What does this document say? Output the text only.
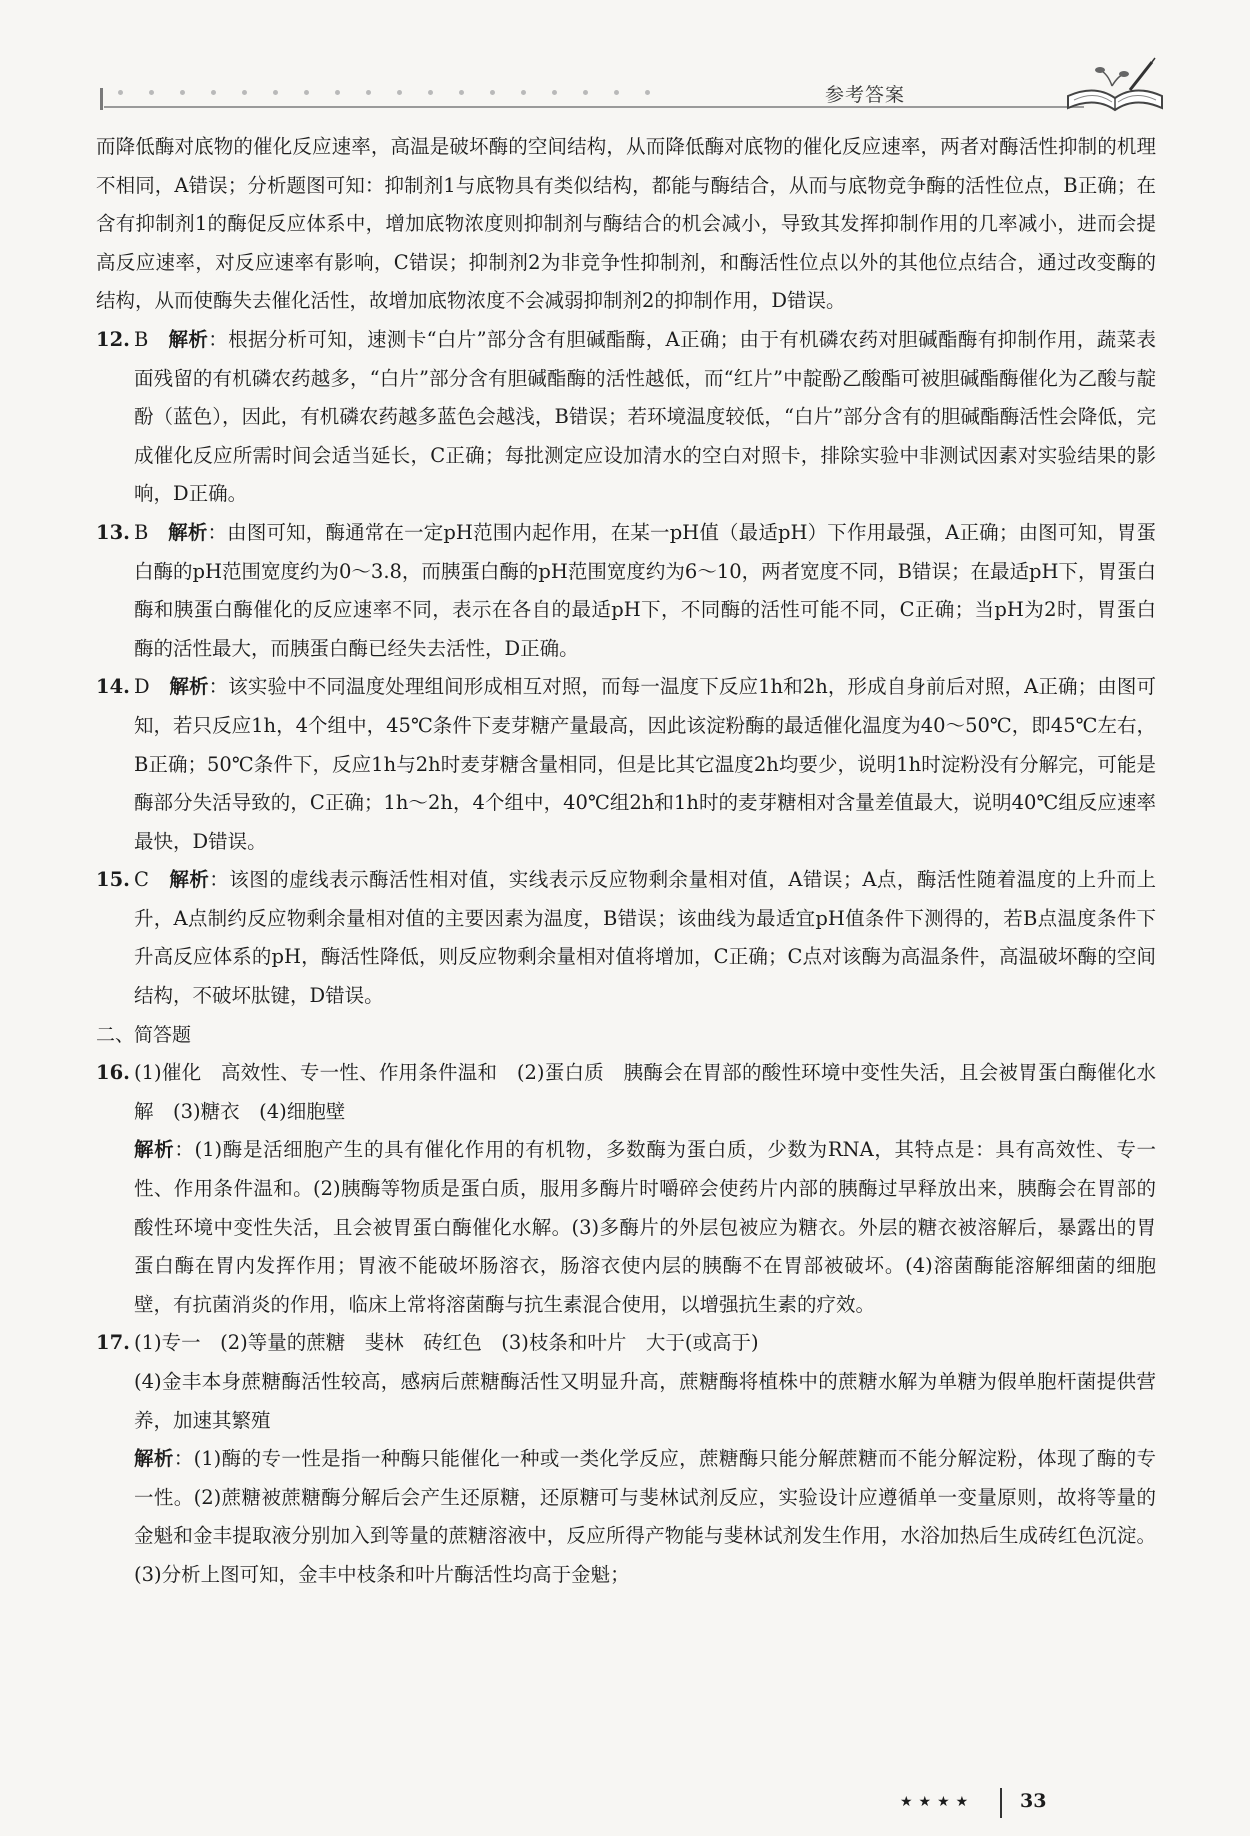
参考答案

而降低酶对底物的催化反应速率，高温是破坏酶的空间结构，从而降低酶对底物的催化反应速率，两者对酶活性抑制的机理不相同，A错误；分析题图可知：抑制剂1与底物具有类似结构，都能与酶结合，从而与底物竞争酶的活性位点，B正确；在含有抑制剂1的酶促反应体系中，增加底物浓度则抑制剂与酶结合的机会减小，导致其发挥抑制作用的几率减小，进而会提高反应速率，对反应速率有影响，C错误；抑制剂2为非竞争性抑制剂，和酶活性位点以外的其他位点结合，通过改变酶的结构，从而使酶失去催化活性，故增加底物浓度不会减弱抑制剂2的抑制作用，D错误。

12. B　 解析：根据分析可知，速测卡“白片”部分含有胆碱酯酶，A正确；由于有机磷农药对胆碱酯酶有抑制作用，蔬菜表面残留的有机磷农药越多，“白片”部分含有胆碱酯酶的活性越低，而“红片”中靛酚乙酸酯可被胆碱酯酶催化为乙酸与靛酚（蓝色），因此，有机磷农药越多蓝色会越浅，B错误；若环境温度较低，“白片”部分含有的胆碱酯酶活性会降低，完成催化反应所需时间会适当延长，C正确；每批测定应设加清水的空白对照卡，排除实验中非测试因素对实验结果的影响，D正确。

13. B　 解析：由图可知，酶通常在一定pH范围内起作用，在某一pH值（最适pH）下作用最强，A正确；由图可知，胃蛋白酶的pH范围宽度约为0～3.8，而胰蛋白酶的pH范围宽度约为6～10，两者宽度不同，B错误；在最适pH下，胃蛋白酶和胰蛋白酶催化的反应速率不同，表示在各自的最适pH下，不同酶的活性可能不同，C正确；当pH为2时，胃蛋白酶的活性最大，而胰蛋白酶已经失去活性，D正确。

14. D　 解析：该实验中不同温度处理组间形成相互对照，而每一温度下反应1h和2h，形成自身前后对照，A正确；由图可知，若只反应1h，4个组中，45℃条件下麦芽糖产量最高，因此该淀粉酶的最适催化温度为40～50℃，即45℃左右，B正确；50℃条件下，反应1h与2h时麦芽糖含量相同，但是比其它温度2h均要少，说明1h时淀粉没有分解完，可能是酶部分失活导致的，C正确；1h～2h，4个组中，40℃组2h和1h时的麦芽糖相对含量差值最大，说明40℃组反应速率最快，D错误。

15. C　 解析：该图的虚线表示酶活性相对值，实线表示反应物剩余量相对值，A错误；A点，酶活性随着温度的上升而上升，A点制约反应物剩余量相对值的主要因素为温度，B错误；该曲线为最适宜pH值条件下测得的，若B点温度条件下升高反应体系的pH，酶活性降低，则反应物剩余量相对值将增加，C正确；C点对该酶为高温条件，高温破坏酶的空间结构，不破坏肽键，D错误。

二、简答题

16. (1)催化　高效性、专一性、作用条件温和　(2)蛋白质　胰酶会在胃部的酸性环境中变性失活，且会被胃蛋白酶催化水解　(3)糖衣　(4)细胞壁

解析：(1)酶是活细胞产生的具有催化作用的有机物，多数酶为蛋白质，少数为RNA，其特点是：具有高效性、专一性、作用条件温和。(2)胰酶等物质是蛋白质，服用多酶片时嚼碎会使药片内部的胰酶过早释放出来，胰酶会在胃部的酸性环境中变性失活，且会被胃蛋白酶催化水解。(3)多酶片的外层包被应为糖衣。外层的糖衣被溶解后，暴露出的胃蛋白酶在胃内发挥作用；胃液不能破坏肠溶衣，肠溶衣使内层的胰酶不在胃部被破坏。(4)溶菌酶能溶解细菌的细胞壁，有抗菌消炎的作用，临床上常将溶菌酶与抗生素混合使用，以增强抗生素的疗效。

17. (1)专一　(2)等量的蔗糖　斐林　砖红色　(3)枝条和叶片　大于(或高于)

(4)金丰本身蔗糖酶活性较高，感病后蔗糖酶活性又明显升高，蔗糖酶将植株中的蔗糖水解为单糖为假单胞杆菌提供营养，加速其繁殖

解析：(1)酶的专一性是指一种酶只能催化一种或一类化学反应，蔗糖酶只能分解蔗糖而不能分解淀粉，体现了酶的专一性。(2)蔗糖被蔗糖酶分解后会产生还原糖，还原糖可与斐林试剂反应，实验设计应遵循单一变量原则，故将等量的金魁和金丰提取液分别加入到等量的蔗糖溶液中，反应所得产物能与斐林试剂发生作用，水浴加热后生成砖红色沉淀。(3)分析上图可知，金丰中枝条和叶片酶活性均高于金魁；

★★★★ 33
